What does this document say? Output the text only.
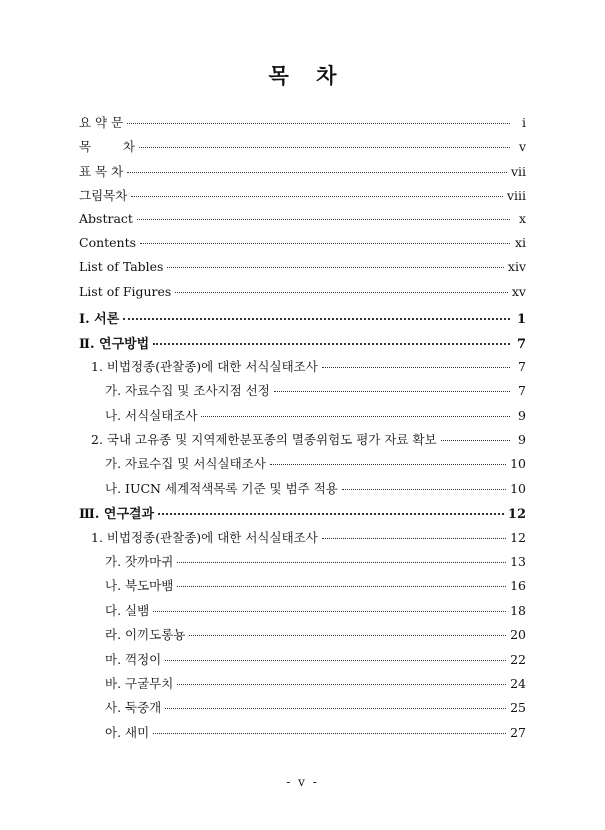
목 차
요 약 문	i
목        차	v
표 목 차	vii
그림목차	viii
Abstract	x
Contents	xi
List of Tables	xiv
List of Figures	xv
Ⅰ. 서론	1
Ⅱ. 연구방법	7
1. 비법정종(관찰종)에 대한 서식실태조사	7
가. 자료수집 및 조사지점 선정	7
나. 서식실태조사	9
2. 국내 고유종 및 지역제한분포종의 멸종위험도 평가 자료 확보	9
가. 자료수집 및 서식실태조사	10
나. IUCN 세계적색목록 기준 및 범주 적용	10
Ⅲ. 연구결과	12
1. 비법정종(관찰종)에 대한 서식실태조사	12
가. 잣까마귀	13
나. 북도마뱀	16
다. 실뱀	18
라. 이끼도롱뇽	20
마. 꺽정이	22
바. 구굴무치	24
사. 둑중개	25
아. 새미	27
- v -
